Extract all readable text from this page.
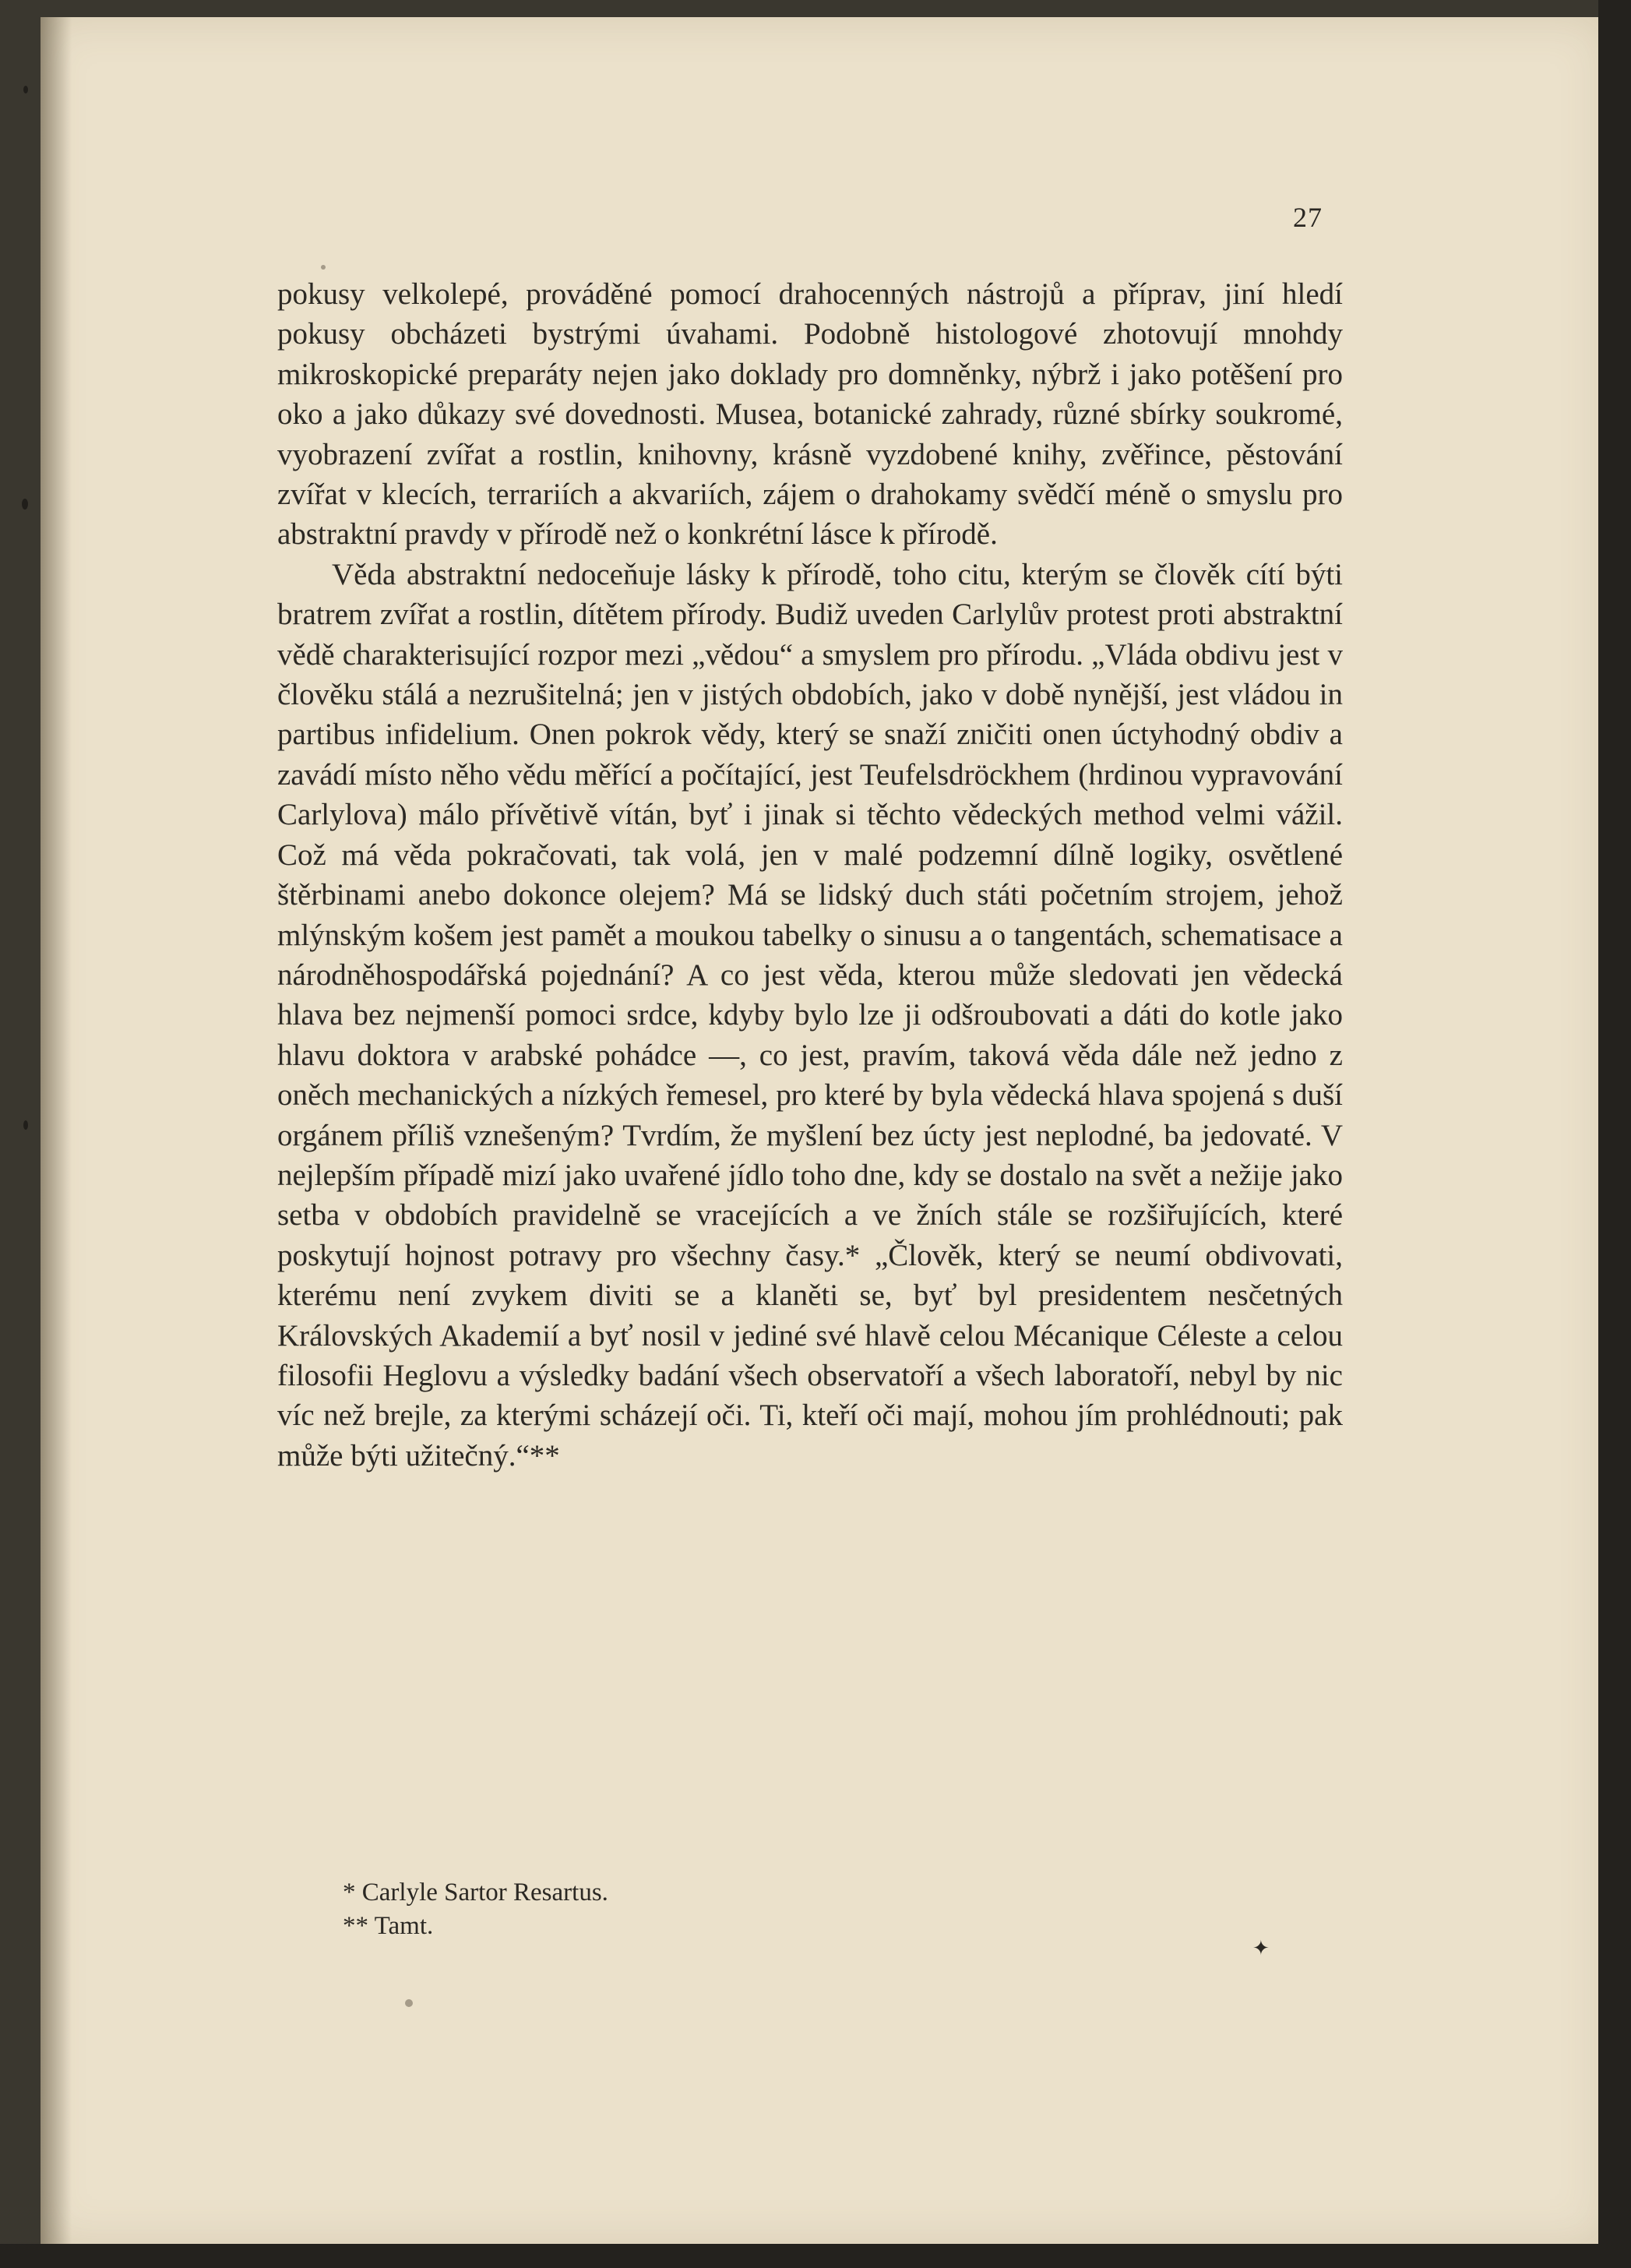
27

pokusy velkolepé, prováděné pomocí drahocenných nástrojů a příprav, jiní hledí pokusy obcházeti bystrými úvahami. Podobně histologové zhotovují mnohdy mikroskopické preparáty nejen jako doklady pro domněnky, nýbrž i jako potěšení pro oko a jako důkazy své dovednosti. Musea, botanické zahrady, různé sbírky soukromé, vyobrazení zvířat a rostlin, knihovny, krásně vyzdobené knihy, zvěřince, pěstování zvířat v klecích, terrariích a akvariích, zájem o drahokamy svědčí méně o smyslu pro abstraktní pravdy v přírodě než o konkrétní lásce k přírodě.

Věda abstraktní nedoceňuje lásky k přírodě, toho citu, kterým se člověk cítí býti bratrem zvířat a rostlin, dítětem přírody. Budiž uveden Carlylův protest proti abstraktní vědě charakterisující rozpor mezi „vědou“ a smyslem pro přírodu. „Vláda obdivu jest v člověku stálá a nezrušitelná; jen v jistých obdobích, jako v době nynější, jest vládou in partibus infidelium. Onen pokrok vědy, který se snaží zničiti onen úctyhodný obdiv a zavádí místo něho vědu měřící a počítající, jest Teufelsdröckhem (hrdinou vypravování Carlylova) málo přívětivě vítán, byť i jinak si těchto vědeckých method velmi vážil. Což má věda pokračovati, tak volá, jen v malé podzemní dílně logiky, osvětlené štěrbinami anebo dokonce olejem? Má se lidský duch státi početním strojem, jehož mlýnským košem jest pamět a moukou tabelky o sinusu a o tangentách, schematisace a národněhospodářská pojednání? A co jest věda, kterou může sledovati jen vědecká hlava bez nejmenší pomoci srdce, kdyby bylo lze ji odšroubovati a dáti do kotle jako hlavu doktora v arabské pohádce —, co jest, pravím, taková věda dále než jedno z oněch mechanických a nízkých řemesel, pro které by byla vědecká hlava spojená s duší orgánem příliš vznešeným? Tvrdím, že myšlení bez úcty jest neplodné, ba jedovaté. V nejlepším případě mizí jako uvařené jídlo toho dne, kdy se dostalo na svět a nežije jako setba v obdobích pravidelně se vracejících a ve žních stále se rozšiřujících, které poskytují hojnost potravy pro všechny časy.* „Člověk, který se neumí obdivovati, kterému není zvykem diviti se a klaněti se, byť byl presidentem nesčetných Královských Akademií a byť nosil v jediné své hlavě celou Mécanique Céleste a celou filosofii Heglovu a výsledky badání všech observatoří a všech laboratoří, nebyl by nic víc než brejle, za kterými scházejí oči. Ti, kteří oči mají, mohou jím prohlédnouti; pak může býti užitečný.“**

* Carlyle Sartor Resartus.
** Tamt.
✦
